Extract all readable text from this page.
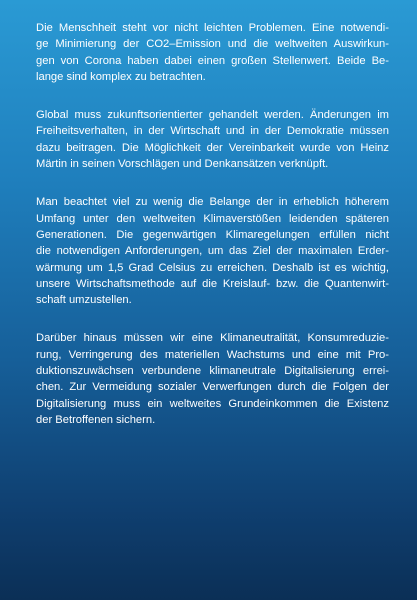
Die Menschheit steht vor nicht leichten Problemen. Eine notwendi-
ge Minimierung der CO2–Emission und die weltweiten Auswirkun-
gen von Corona haben dabei einen großen Stellenwert. Beide Be-
lange sind komplex zu betrachten.
Global muss zukunftsorientierter gehandelt werden. Änderungen im
Freiheitsverhalten, in der Wirtschaft und in der Demokratie müssen
dazu beitragen. Die Möglichkeit der Vereinbarkeit wurde von Heinz
Märtin in seinen Vorschlägen und Denkansätzen verknüpft.
Man beachtet viel zu wenig die Belange der in erheblich höherem
Umfang unter den weltweiten Klimaverstößen leidenden späteren
Generationen. Die gegenwärtigen Klimaregelungen erfüllen nicht
die notwendigen Anforderungen, um das Ziel der maximalen Erder-
wärmung um 1,5 Grad Celsius zu erreichen. Deshalb ist es wichtig,
unsere Wirtschaftsmethode auf die Kreislauf- bzw. die Quantenwirt-
schaft umzustellen.
Darüber hinaus müssen wir eine Klimaneutralität, Konsumreduzie-
rung, Verringerung des materiellen Wachstums und eine mit Pro-
duktionszuwächsen verbundene klimaneutrale Digitalisierung errei-
chen. Zur Vermeidung sozialer Verwerfungen durch die Folgen der
Digitalisierung muss ein weltweites Grundeinkommen die Existenz
der Betroffenen sichern.
